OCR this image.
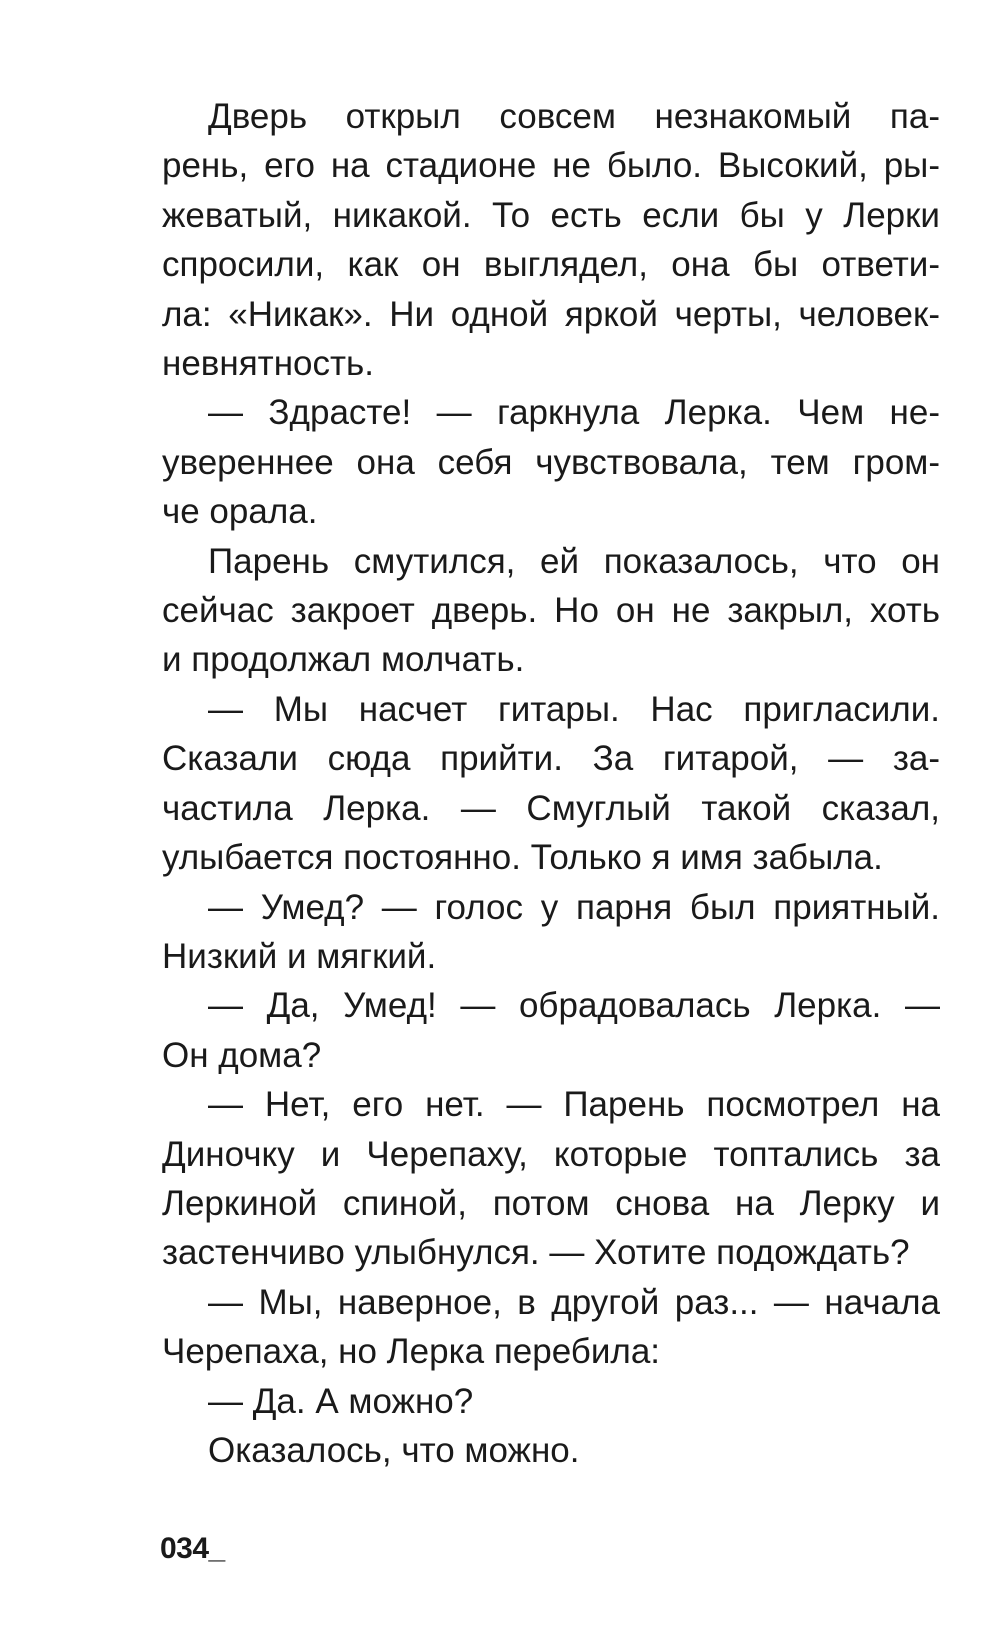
Дверь открыл совсем незнакомый па-
рень, его на стадионе не было. Высокий, ры-
жеватый, никакой. То есть если бы у Лерки
спросили, как он выглядел, она бы ответи-
ла: «Никак». Ни одной яркой черты, человек-
невнятность.
— Здрасте! — гаркнула Лерка. Чем не-
увереннее она себя чувствовала, тем гром-
че орала.
Парень смутился, ей показалось, что он
сейчас закроет дверь. Но он не закрыл, хоть
и продолжал молчать.
— Мы насчет гитары. Нас пригласили.
Сказали сюда прийти. За гитарой, — за-
частила Лерка. — Смуглый такой сказал,
улыбается постоянно. Только я имя забыла.
— Умед? — голос у парня был приятный.
Низкий и мягкий.
— Да, Умед! — обрадовалась Лерка. —
Он дома?
— Нет, его нет. — Парень посмотрел на
Диночку и Черепаху, которые топтались за
Леркиной спиной, потом снова на Лерку и
застенчиво улыбнулся. — Хотите подождать?
— Мы, наверное, в другой раз... — начала
Черепаха, но Лерка перебила:
— Да. А можно?
Оказалось, что можно.
034_
